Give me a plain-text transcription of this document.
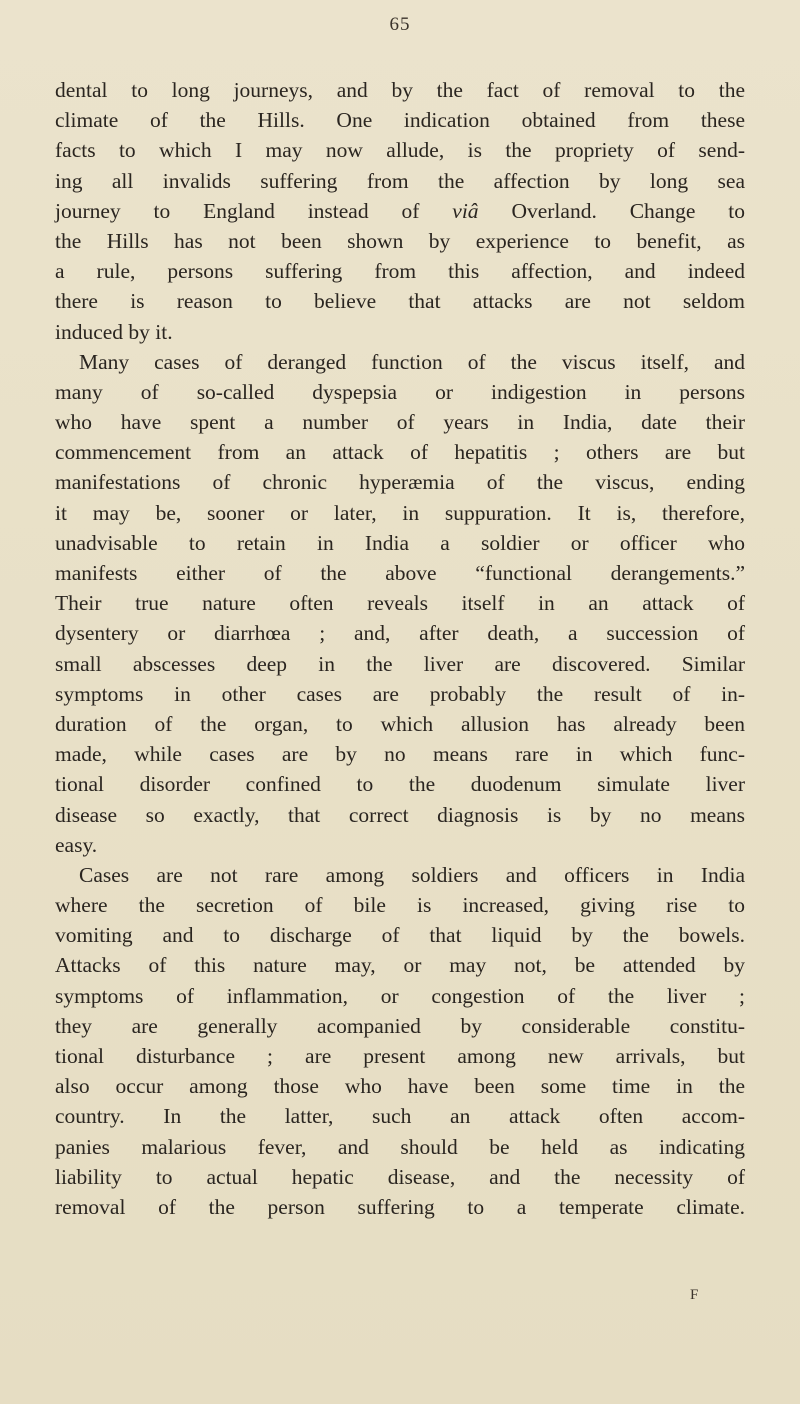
65
dental to long journeys, and by the fact of removal to the
climate of the Hills. One indication obtained from these
facts to which I may now allude, is the propriety of send-
ing all invalids suffering from the affection by long sea
journey to England instead of viâ Overland. Change to
the Hills has not been shown by experience to benefit, as
a rule, persons suffering from this affection, and indeed
there is reason to believe that attacks are not seldom
induced by it.
Many cases of deranged function of the viscus itself, and
many of so-called dyspepsia or indigestion in persons
who have spent a number of years in India, date their
commencement from an attack of hepatitis ; others are but
manifestations of chronic hyperæmia of the viscus, ending
it may be, sooner or later, in suppuration. It is, therefore,
unadvisable to retain in India a soldier or officer who
manifests either of the above “functional derangements.”
Their true nature often reveals itself in an attack of
dysentery or diarrhœa ; and, after death, a succession of
small abscesses deep in the liver are discovered. Similar
symptoms in other cases are probably the result of in-
duration of the organ, to which allusion has already been
made, while cases are by no means rare in which func-
tional disorder confined to the duodenum simulate liver
disease so exactly, that correct diagnosis is by no means
easy.
Cases are not rare among soldiers and officers in India
where the secretion of bile is increased, giving rise to
vomiting and to discharge of that liquid by the bowels.
Attacks of this nature may, or may not, be attended by
symptoms of inflammation, or congestion of the liver ;
they are generally acompanied by considerable constitu-
tional disturbance ; are present among new arrivals, but
also occur among those who have been some time in the
country. In the latter, such an attack often accom-
panies malarious fever, and should be held as indicating
liability to actual hepatic disease, and the necessity of
removal of the person suffering to a temperate climate.
F
